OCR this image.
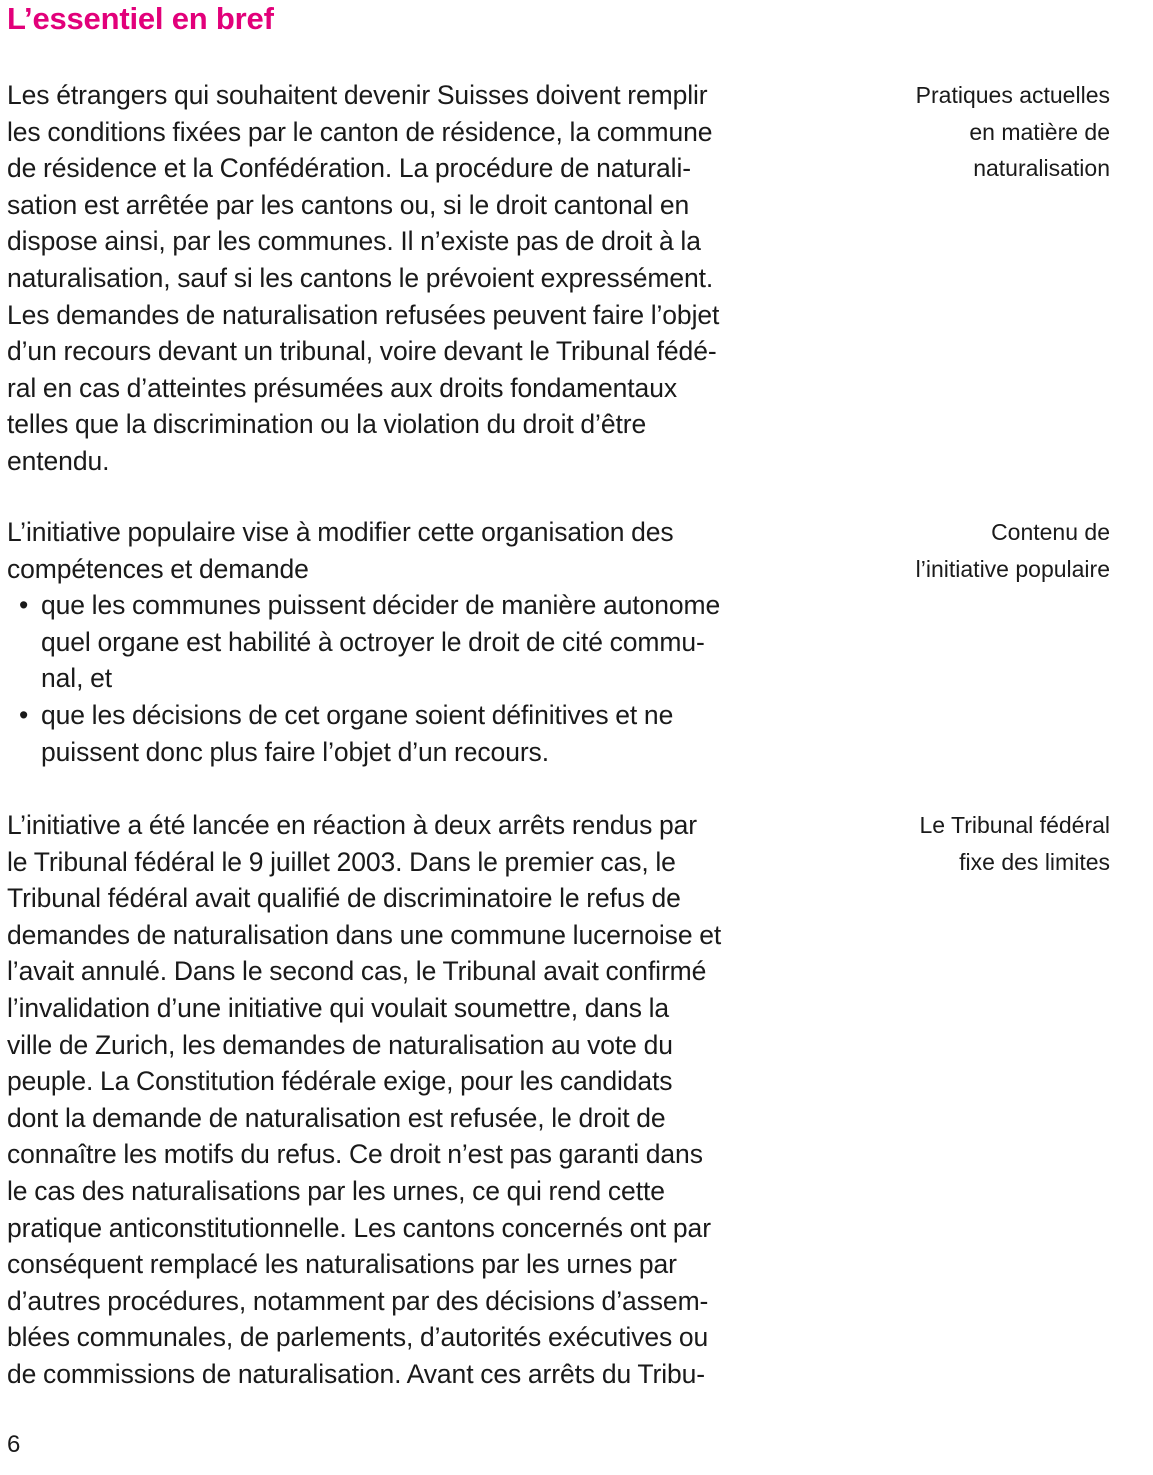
L’essentiel en bref
Les étrangers qui souhaitent devenir Suisses doivent remplir
les conditions fixées par le canton de résidence, la commune
de résidence et la Confédération. La procédure de naturali-
sation est arrêtée par les cantons ou, si le droit cantonal en
dispose ainsi, par les communes. Il n’existe pas de droit à la
naturalisation, sauf si les cantons le prévoient expressément.
Les demandes de naturalisation refusées peuvent faire l’objet
d’un recours devant un tribunal, voire devant le Tribunal fédé-
ral en cas d’atteintes présumées aux droits fondamentaux
telles que la discrimination ou la violation du droit d’être
entendu.
Pratiques actuelles
en matière de
naturalisation
L’initiative populaire vise à modifier cette organisation des
compétences et demande
• que les communes puissent décider de manière autonome
quel organe est habilité à octroyer le droit de cité commu-
nal, et
• que les décisions de cet organe soient définitives et ne
puissent donc plus faire l’objet d’un recours.
Contenu de
l’initiative populaire
L’initiative a été lancée en réaction à deux arrêts rendus par
le Tribunal fédéral le 9 juillet 2003. Dans le premier cas, le
Tribunal fédéral avait qualifié de discriminatoire le refus de
demandes de naturalisation dans une commune lucernoise et
l’avait annulé. Dans le second cas, le Tribunal avait confirmé
l’invalidation d’une initiative qui voulait soumettre, dans la
ville de Zurich, les demandes de naturalisation au vote du
peuple. La Constitution fédérale exige, pour les candidats
dont la demande de naturalisation est refusée, le droit de
connaître les motifs du refus. Ce droit n’est pas garanti dans
le cas des naturalisations par les urnes, ce qui rend cette
pratique anticonstitutionnelle. Les cantons concernés ont par
conséquent remplacé les naturalisations par les urnes par
d’autres procédures, notamment par des décisions d’assem-
blées communales, de parlements, d’autorités exécutives ou
de commissions de naturalisation. Avant ces arrêts du Tribu-
Le Tribunal fédéral
fixe des limites
6
